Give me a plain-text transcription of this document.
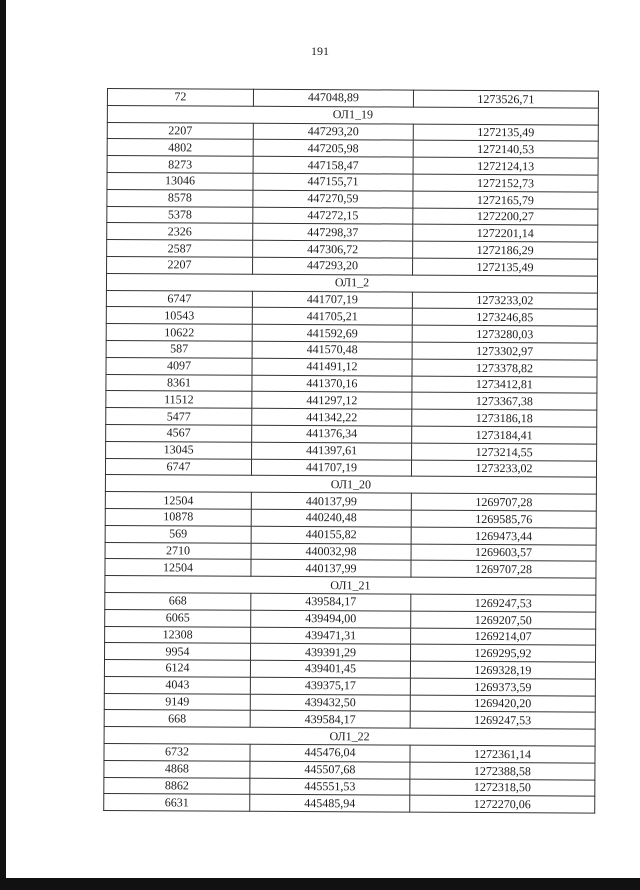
191
72	447048,89	1273526,71
ОЛ1_19		
2207	447293,20	1272135,49
4802	447205,98	1272140,53
8273	447158,47	1272124,13
13046	447155,71	1272152,73
8578	447270,59	1272165,79
5378	447272,15	1272200,27
2326	447298,37	1272201,14
2587	447306,72	1272186,29
2207	447293,20	1272135,49
ОЛ1_2		
6747	441707,19	1273233,02
10543	441705,21	1273246,85
10622	441592,69	1273280,03
587	441570,48	1273302,97
4097	441491,12	1273378,82
8361	441370,16	1273412,81
11512	441297,12	1273367,38
5477	441342,22	1273186,18
4567	441376,34	1273184,41
13045	441397,61	1273214,55
6747	441707,19	1273233,02
ОЛ1_20		
12504	440137,99	1269707,28
10878	440240,48	1269585,76
569	440155,82	1269473,44
2710	440032,98	1269603,57
12504	440137,99	1269707,28
ОЛ1_21		
668	439584,17	1269247,53
6065	439494,00	1269207,50
12308	439471,31	1269214,07
9954	439391,29	1269295,92
6124	439401,45	1269328,19
4043	439375,17	1269373,59
9149	439432,50	1269420,20
668	439584,17	1269247,53
ОЛ1_22		
6732	445476,04	1272361,14
4868	445507,68	1272388,58
8862	445551,53	1272318,50
6631	445485,94	1272270,06
